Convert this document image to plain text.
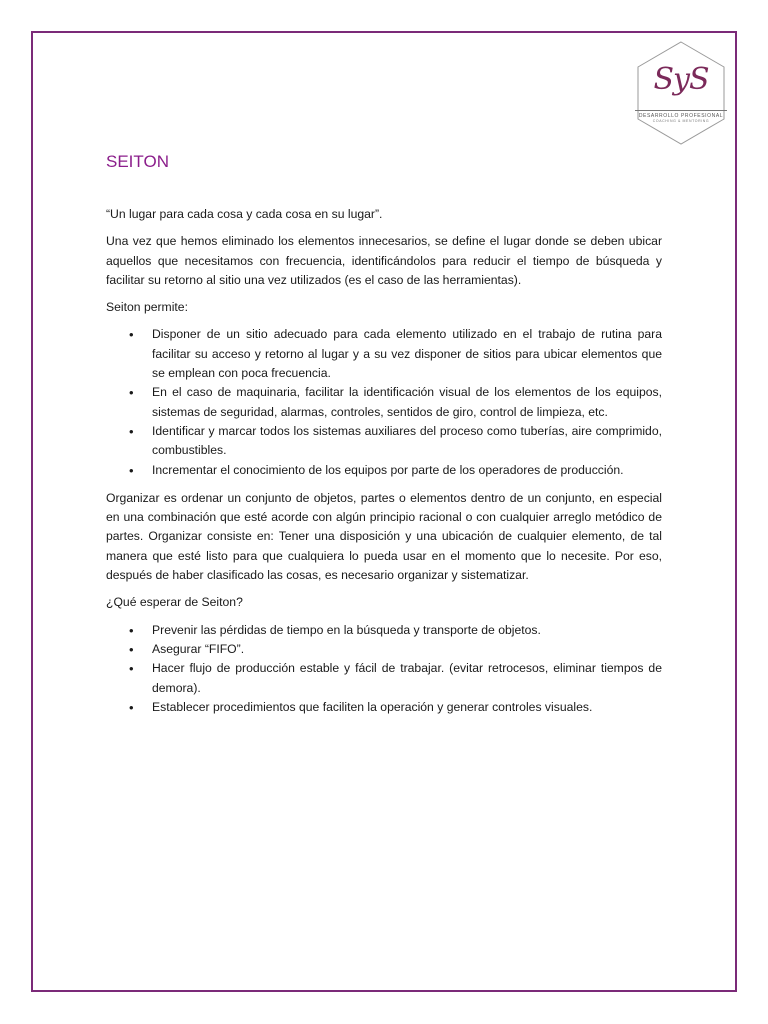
SyS
DESARROLLO PROFESIONAL
COACHING & MENTORING
SEITON

“Un lugar para cada cosa y cada cosa en su lugar”.

Una vez que hemos eliminado los elementos innecesarios, se define el lugar donde se deben ubicar aquellos que necesitamos con frecuencia, identificándolos para reducir el tiempo de búsqueda y facilitar su retorno al sitio una vez utilizados (es el caso de las herramientas).

Seiton permite:

• Disponer de un sitio adecuado para cada elemento utilizado en el trabajo de rutina para facilitar su acceso y retorno al lugar y a su vez disponer de sitios para ubicar elementos que se emplean con poca frecuencia.
• En el caso de maquinaria, facilitar la identificación visual de los elementos de los equipos, sistemas de seguridad, alarmas, controles, sentidos de giro, control de limpieza, etc.
• Identificar y marcar todos los sistemas auxiliares del proceso como tuberías, aire comprimido, combustibles.
• Incrementar el conocimiento de los equipos por parte de los operadores de producción.

Organizar es ordenar un conjunto de objetos, partes o elementos dentro de un conjunto, en especial en una combinación que esté acorde con algún principio racional o con cualquier arreglo metódico de partes. Organizar consiste en: Tener una disposición y una ubicación de cualquier elemento, de tal manera que esté listo para que cualquiera lo pueda usar en el momento que lo necesite. Por eso, después de haber clasificado las cosas, es necesario organizar y sistematizar.

¿Qué esperar de Seiton?

• Prevenir las pérdidas de tiempo en la búsqueda y transporte de objetos.
• Asegurar “FIFO”.
• Hacer flujo de producción estable y fácil de trabajar. (evitar retrocesos, eliminar tiempos de demora).
• Establecer procedimientos que faciliten la operación y generar controles visuales.
